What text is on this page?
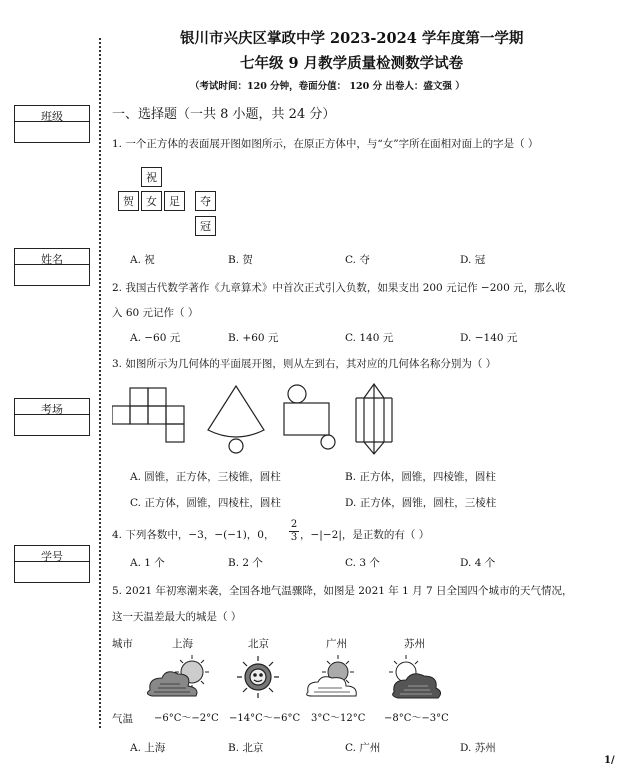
班级
姓名
考场
学号
银川市兴庆区掌政中学 2023-2024 学年度第一学期
七年级 9 月教学质量检测数学试卷
（考试时间：120 分钟，卷面分值： 120 分 出卷人：盛文强 ）
一、选择题（一共 8 小题，共 24 分）
1. 一个正方体的表面展开图如图所示，在原正方体中，与“女”字所在面相对面上的字是（ ）
祝
贺	女	足	夺
冠
A. 祝	B. 贺	C. 夺	D. 冠
2. 我国古代数学著作《九章算术》中首次正式引入负数，如果支出 200 元记作 −200 元，那么收
入 60 元记作（ ）
A. −60 元	B. +60 元	C. 140 元	D. −140 元
3. 如图所示为几何体的平面展开图，则从左到右，其对应的几何体名称分别为（ ）
A. 圆锥，正方体，三棱锥，圆柱	B. 正方体，圆锥，四棱锥，圆柱
C. 正方体，圆锥，四棱柱，圆柱	D. 正方体，圆锥，圆柱，三棱柱
4. 下列各数中，−3，−(−1)，0， $\frac{2}{3}$ ，−|−2|，是正数的有（ ）
A. 1 个	B. 2 个	C. 3 个	D. 4 个
5. 2021 年初寒潮来袭，全国各地气温骤降，如图是 2021 年 1 月 7 日全国四个城市的天气情况，
这一天温差最大的城是（ ）
城市	上海	北京	广州	苏州
气温 −6°C～−2°C −14°C～−6°C 3°C～12°C −8°C～−3°C
A. 上海	B. 北京	C. 广州	D. 苏州
1/
